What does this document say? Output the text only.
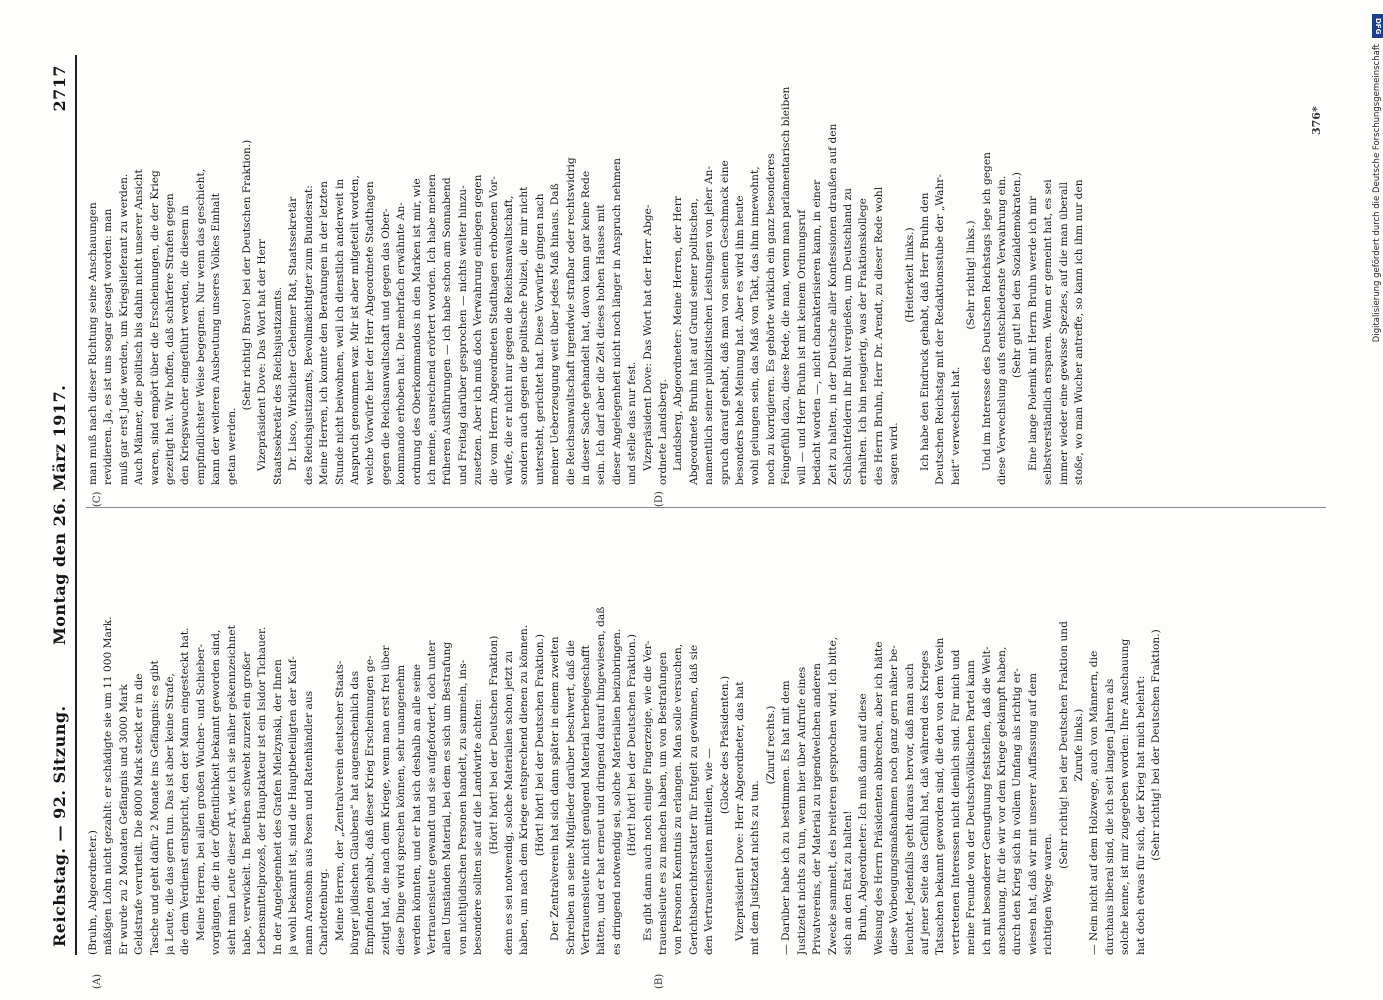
Reichstag. — 92. Sitzung.
Montag den 26. März 1917.
2717
(A)	(B)
(C)	(D)
(Bruhn, Abgeordneter.) mäßigen Lohn nicht gezahlt: er schädigte sie um 11 000 Mark. Er wurde zu 2 Monaten Gefängnis und 3000 Mark Geldstrafe verurteilt. Die 8000 Mark steckt er in die Tasche und geht dafür 2 Monate ins Gefängnis: es gibt ja Leute, die das gern tun. Das ist aber keine Strafe, die dem Verdienst entspricht, den der Mann eingesteckt hat. Meine Herren, bei allen großen Wucher- und Schieber- vorgängen, die in der Öffentlichkeit bekannt geworden sind, sieht man Leute dieser Art, wie ich sie näher gekennzeichnet habe, verwickelt. In Beuthen schwebt zurzeit ein großer Lebensmittelprozeß, der Hauptakteur ist ein Isidor Tichauer. In der Angelegenheit des Grafen Mielzynski, der Ihnen ja wohl bekannt ist, sind die Hauptbeteiligten der Kauf- mann Aronsohn aus Posen und Ratenhändler aus Charlottenburg. Meine Herren, der „Zentralverein deutscher Staats- bürger jüdischen Glaubens“ hat augenscheinlich das Empfinden gehabt, daß dieser Krieg Erscheinungen ge- zeitigt hat, die nach dem Kriege, wenn man erst frei über diese Dinge wird sprechen können, sehr unangenehm werden könnten, und er hat sich deshalb an alle seine Vertrauensleute gewandt und sie aufgefordert, doch unter allen Umständen Material, bei dem es sich um Bestrafung von nichtjüdischen Personen handelt, zu sammeln, ins- besondere sollten sie auf die Landwirte achten: (Hört! hört! bei der Deutschen Fraktion) denn es sei notwendig, solche Materialien schon jetzt zu haben, um nach dem Kriege entsprechend dienen zu können. (Hört! hört! bei der Deutschen Fraktion.) Der Zentralverein hat sich dann später in einem zweiten Schreiben an seine Mitglieder darüber beschwert, daß die Vertrauensleute nicht genügend Material herbeigeschafft hätten, und er hat erneut und dringend darauf hingewiesen, daß es dringend notwendig sei, solche Materialien beizubringen. (Hört! hört! bei der Deutschen Fraktion.) Es gibt dann auch noch einige Fingerzeige, wie die Ver- trauensleute es zu machen haben, um von Bestrafungen von Personen Kenntnis zu erlangen. Man solle versuchen, Gerichtsberichterstatter für Entgelt zu gewinnen, daß sie den Vertrauensleuten mitteilen, wie —
(Glocke des Präsidenten.) Vizepräsident Dove: Herr Abgeordneter, das hat mit dem Justizetat nichts zu tun.
(Zuruf rechts.) — Darüber habe ich zu bestimmen. Es hat mit dem Justizetat nichts zu tun, wenn hier über Aufrufe eines Privatvereins, der Material zu irgendwelchen anderen Zwecke sammelt, des breiteren gesprochen wird. Ich bitte, sich an den Etat zu halten! Bruhn, Abgeordneter: Ich muß dann auf diese Weisung des Herrn Präsidenten abbrechen, aber ich hätte diese Vorbeugungsmaßnahmen noch ganz gern näher be- leuchtet. Jedenfalls geht daraus hervor, daß man auch auf jener Seite das Gefühl hat, daß während des Krieges Tatsachen bekannt geworden sind, die den von dem Verein vertretenen Interessen nicht dienlich sind. Für mich und meine Freunde von der Deutschvölkischen Partei kann ich mit besonderer Genugtuung feststellen, daß die Welt- anschauung, für die wir vor dem Kriege gekämpft haben, durch den Krieg sich in vollem Umfang als richtig er- wiesen hat, daß wir mit unserer Auffassung auf dem richtigen Wege waren.
(Sehr richtig! bei der Deutschen Fraktion und Zurufe links.) — Nein nicht auf dem Holzwege, auch von Männern, die durchaus liberal sind, die ich seit langen Jahren als solche kenne, ist mir zugegeben worden: Ihre Anschauung hat doch etwas für sich, der Krieg hat mich belehrt: (Sehr richtig! bei der Deutschen Fraktion.)
man muß nach dieser Richtung seine Anschauungen revidieren. Ja, es ist uns sogar gesagt worden: man muß gar erst Jude werden, um Kriegslieferant zu werden. Auch Männer, die politisch bis dahin nicht unserer Ansicht waren, sind empört über die Erscheinungen, die der Krieg gezeitigt hat. Wir hoffen, daß schärfere Strafen gegen den Kriegswucher eingeführt werden, die diesem in empfindlichster Weise begegnen. Nur wenn das geschieht, kann der weiteren Ausbeutung unseres Volkes Einhalt getan werden.
(Sehr richtig! Bravo! bei der Deutschen Fraktion.) Vizepräsident Dove: Das Wort hat der Herr Staatssekretär des Reichsjustizamts. Dr. Lisco, Wirklicher Geheimer Rat, Staatssekretär des Reichsjustizamts, Bevollmächtigter zum Bundesrat: Meine Herren, ich konnte den Beratungen in der letzten Stunde nicht beiwohnen, weil ich dienstlich anderweit in Anspruch genommen war. Mir ist aber mitgeteilt worden, welche Vorwürfe hier der Herr Abgeordnete Stadthagen gegen die Reichsanwaltschaft und gegen das Ober- kommando erhoben hat. Die mehrfach erwähnte An- ordnung des Oberkommandos in den Marken ist mir, wie ich meine, ausreichend erörtert worden. Ich habe meinen früheren Ausführungen — ich habe schon am Sonnabend und Freitag darüber gesprochen — nichts weiter hinzu- zusetzen. Aber ich muß doch Verwahrung einlegen gegen die vom Herrn Abgeordneten Stadthagen erhobenen Vor- würfe, die er nicht nur gegen die Reichsanwaltschaft, sondern auch gegen die politische Polizei, die mir nicht untersteht, gerichtet hat. Diese Vorwürfe gingen nach meiner Ueberzeugung weit über jedes Maß hinaus. Daß die Reichsanwaltschaft irgendwie strafbar oder rechtswidrig in dieser Sache gehandelt hat, davon kann gar keine Rede sein. Ich darf aber die Zeit dieses hohen Hauses mit dieser Angelegenheit nicht noch länger in Anspruch nehmen und stelle das nur fest. Vizepräsident Dove: Das Wort hat der Herr Abge- ordnete Landsberg. Landsberg, Abgeordneter: Meine Herren, der Herr Abgeordnete Bruhn hat auf Grund seiner politischen, namentlich seiner publizistischen Leistungen von jeher An- spruch darauf gehabt, daß man von seinem Geschmack eine besonders hohe Meinung hat. Aber es wird ihm heute wohl gelungen sein, das Maß von Takt, das ihm innewohnt, noch zu korrigieren. Es gehörte wirklich ein ganz besonderes Feingefühl dazu, diese Rede, die man, wenn man parlamentarisch bleiben will — und Herr Bruhn ist mit keinem Ordnungsruf bedacht worden —, nicht charakterisieren kann, in einer Zeit zu halten, in der Deutsche aller Konfessionen draußen auf den Schlachtfeldern ihr Blut vergießen, um Deutschland zu erhalten. Ich bin neugierig, was der Fraktionskollege des Herrn Bruhn, Herr Dr. Arendt, zu dieser Rede wohl sagen wird.
(Heiterkeit links.) Ich habe den Eindruck gehabt, daß Herr Bruhn den Deutschen Reichstag mit der Redaktionsstube der „Wahr- heit“ verwechselt hat.
(Sehr richtig! links.) Und im Interesse des Deutschen Reichstags lege ich gegen diese Verwechslung aufs entschiedenste Verwahrung ein. (Sehr gut! bei den Sozialdemokraten.) Eine lange Polemik mit Herrn Bruhn werde ich mir selbstverständlich ersparen. Wenn er gemeint hat, es sei immer wieder eine gewisse Spezies, auf die man überall stoße, wo man Wucher antreffe, so kann ich ihm nur den
376*
DFG
Digitalisierung gefördert durch die Deutsche Forschungsgemeinschaft
